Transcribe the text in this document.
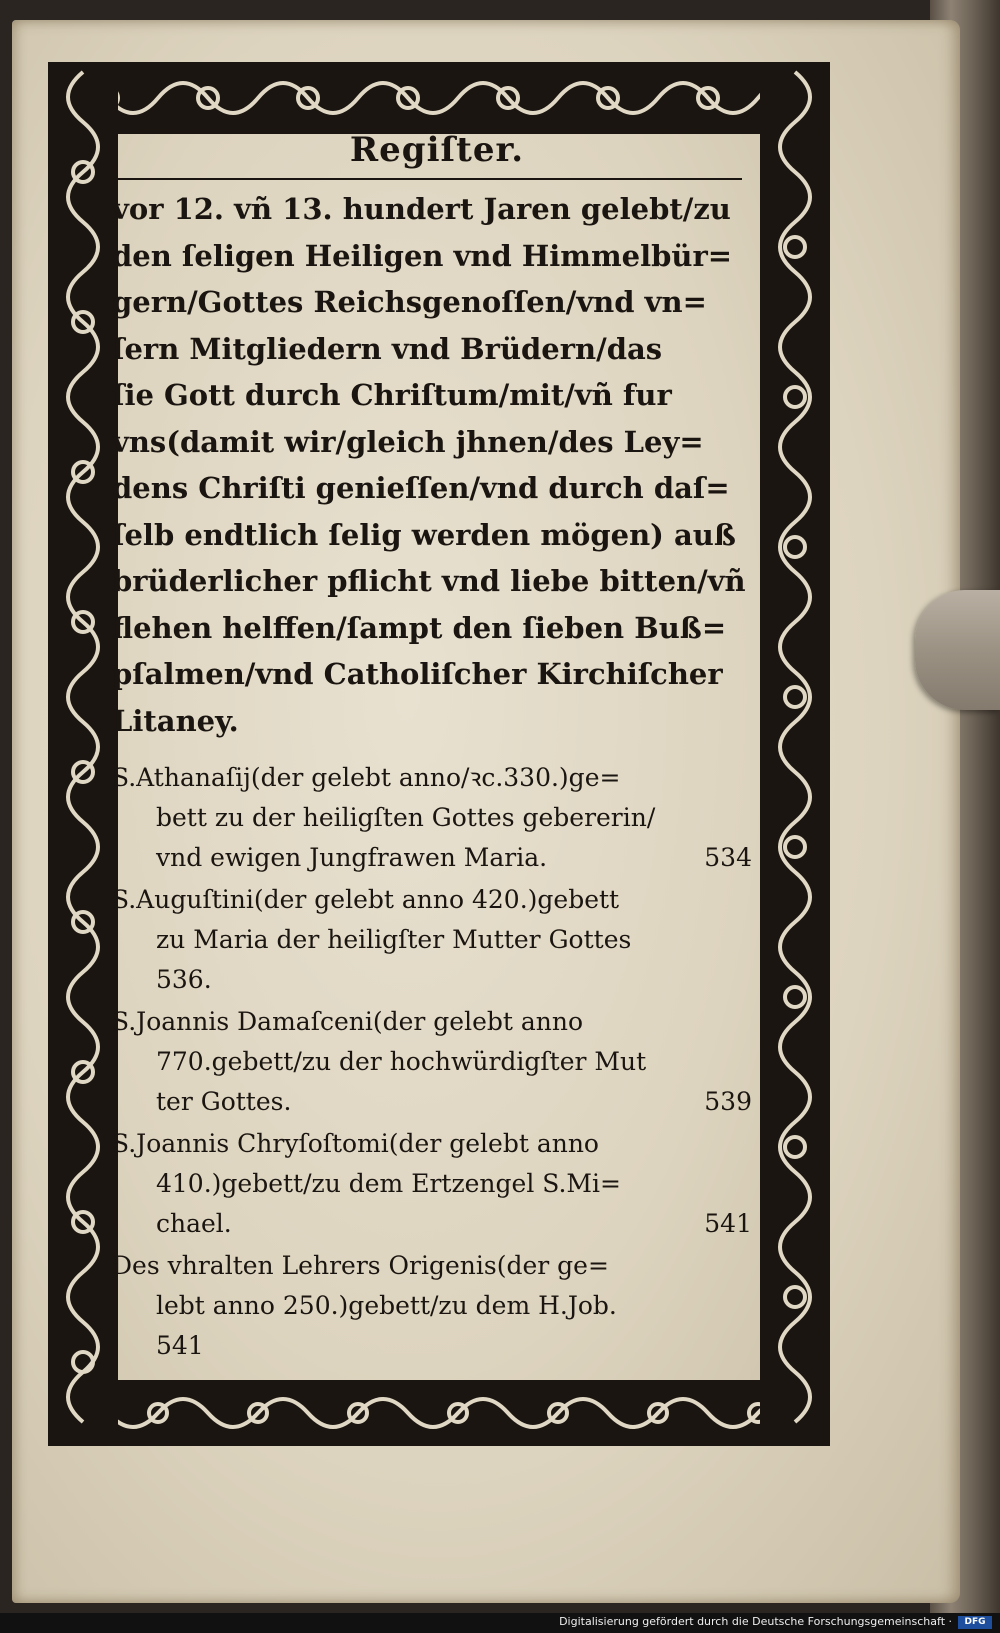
Regiſter.
vor 12. vñ 13. hundert Jaren gelebt/zu
den ſeligen Heiligen vnd Himmelbür=
gern/Gottes Reichsgenoſſen/vnd vn=
ſern Mitgliedern vnd Brüdern/das
ſie Gott durch Chriſtum/mit/vñ fur
vns(damit wir/gleich jhnen/des Ley=
dens Chriſti genieſſen/vnd durch daſ=
ſelb endtlich ſelig werden mögen) auß
brüderlicher pflicht vnd liebe bitten/vñ
flehen helffen/ſampt den ſieben Buß=
pſalmen/vnd Catholiſcher Kirchiſcher
Litaney.
S.Athanaſij(der gelebt anno/ꝛc.330.)ge=
bett zu der heiligſten Gottes gebererin/
vnd ewigen Jungfrawen Maria.	534
S.Auguſtini(der gelebt anno 420.)gebett
zu Maria der heiligſter Mutter Gottes
536.
S.Joannis Damaſceni(der gelebt anno
770.gebett/zu der hochwürdigſter Mut
ter Gottes.	539
S.Joannis Chryſoſtomi(der gelebt anno
410.)gebett/zu dem Ertzengel S.Mi=
chael.	541
Des vhralten Lehrers Origenis(der ge=
lebt anno 250.)gebett/zu dem H.Job.
541
Digitalisierung gefördert durch die Deutsche Forschungsgemeinschaft ·	DFG
